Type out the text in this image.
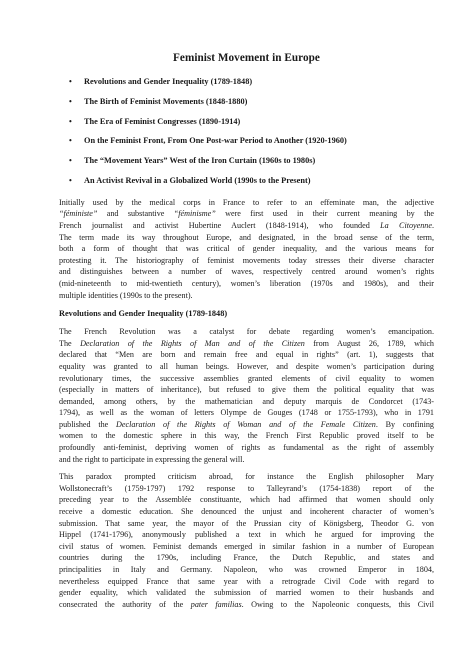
Feminist Movement in Europe
• Revolutions and Gender Inequality (1789-1848)
• The Birth of Feminist Movements (1848-1880)
• The Era of Feminist Congresses (1890-1914)
• On the Feminist Front, From One Post-war Period to Another (1920-1960)
• The “Movement Years” West of the Iron Curtain (1960s to 1980s)
• An Activist Revival in a Globalized World (1990s to the Present)

Initially used by the medical corps in France to refer to an effeminate man, the adjective
“féministe” and substantive “féminisme” were first used in their current meaning by the
French journalist and activist Hubertine Auclert (1848-1914), who founded La Citoyenne.
The term made its way throughout Europe, and designated, in the broad sense of the term,
both a form of thought that was critical of gender inequality, and the various means for
protesting it. The historiography of feminist movements today stresses their diverse character
and distinguishes between a number of waves, respectively centred around women’s rights
(mid-nineteenth to mid-twentieth century), women’s liberation (1970s and 1980s), and their
multiple identities (1990s to the present).

Revolutions and Gender Inequality (1789-1848)

The French Revolution was a catalyst for debate regarding women’s emancipation.
The Declaration of the Rights of Man and of the Citizen from August 26, 1789, which
declared that “Men are born and remain free and equal in rights” (art. 1), suggests that
equality was granted to all human beings. However, and despite women’s participation during
revolutionary times, the successive assemblies granted elements of civil equality to women
(especially in matters of inheritance), but refused to give them the political equality that was
demanded, among others, by the mathematician and deputy marquis de Condorcet (1743-
1794), as well as the woman of letters Olympe de Gouges (1748 or 1755-1793), who in 1791
published the Declaration of the Rights of Woman and of the Female Citizen. By confining
women to the domestic sphere in this way, the French First Republic proved itself to be
profoundly anti-feminist, depriving women of rights as fundamental as the right of assembly
and the right to participate in expressing the general will.

This paradox prompted criticism abroad, for instance the English philosopher Mary
Wollstonecraft’s (1759-1797) 1792 response to Talleyrand’s (1754-1838) report of the
preceding year to the Assemblée constituante, which had affirmed that women should only
receive a domestic education. She denounced the unjust and incoherent character of women’s
submission. That same year, the mayor of the Prussian city of Königsberg, Theodor G. von
Hippel (1741-1796), anonymously published a text in which he argued for improving the
civil status of women. Feminist demands emerged in similar fashion in a number of European
countries during the 1790s, including France, the Dutch Republic, and states and
principalities in Italy and Germany. Napoleon, who was crowned Emperor in 1804,
nevertheless equipped France that same year with a retrograde Civil Code with regard to
gender equality, which validated the submission of married women to their husbands and
consecrated the authority of the pater familias. Owing to the Napoleonic conquests, this Civil
